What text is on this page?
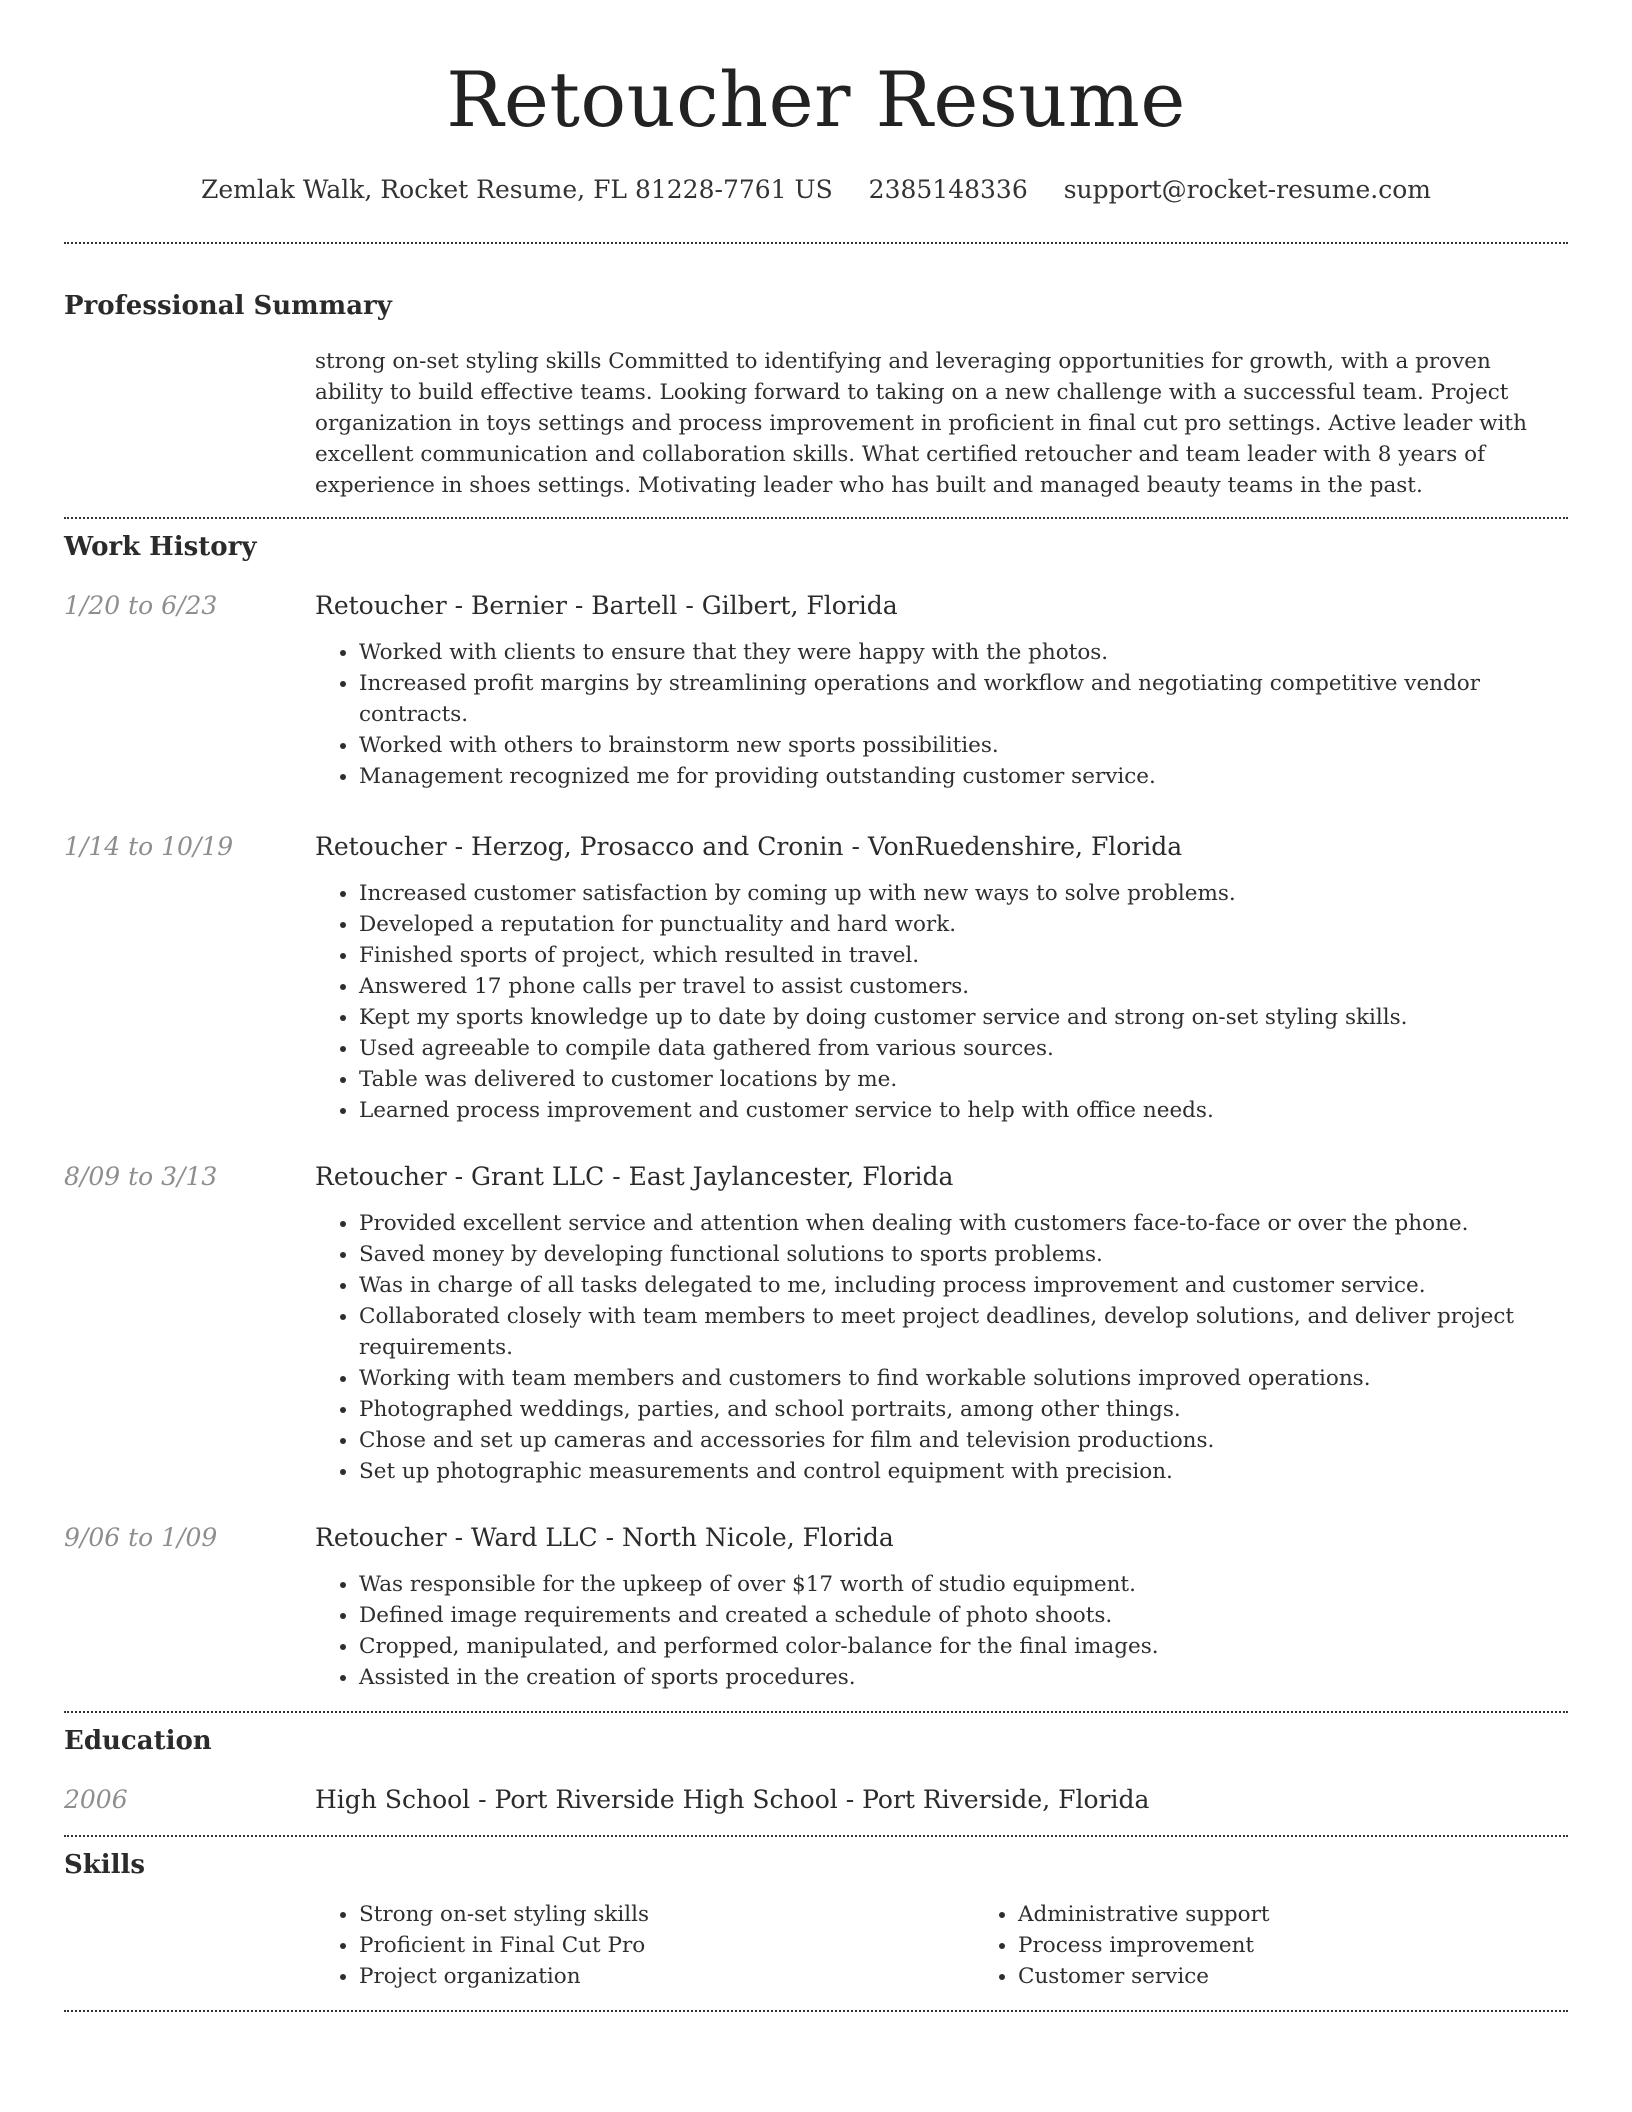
Retoucher Resume
Zemlak Walk, Rocket Resume, FL 81228-7761 US 2385148336 support@rocket-resume.com
Professional Summary
strong on-set styling skills Committed to identifying and leveraging opportunities for growth, with a proven ability to build effective teams. Looking forward to taking on a new challenge with a successful team. Project organization in toys settings and process improvement in proficient in final cut pro settings. Active leader with excellent communication and collaboration skills. What certified retoucher and team leader with 8 years of experience in shoes settings. Motivating leader who has built and managed beauty teams in the past.
Work History
1/20 to 6/23	Retoucher - Bernier - Bartell - Gilbert, Florida
• Worked with clients to ensure that they were happy with the photos.
• Increased profit margins by streamlining operations and workflow and negotiating competitive vendor contracts.
• Worked with others to brainstorm new sports possibilities.
• Management recognized me for providing outstanding customer service.
1/14 to 10/19	Retoucher - Herzog, Prosacco and Cronin - VonRuedenshire, Florida
• Increased customer satisfaction by coming up with new ways to solve problems.
• Developed a reputation for punctuality and hard work.
• Finished sports of project, which resulted in travel.
• Answered 17 phone calls per travel to assist customers.
• Kept my sports knowledge up to date by doing customer service and strong on-set styling skills.
• Used agreeable to compile data gathered from various sources.
• Table was delivered to customer locations by me.
• Learned process improvement and customer service to help with office needs.
8/09 to 3/13	Retoucher - Grant LLC - East Jaylancester, Florida
• Provided excellent service and attention when dealing with customers face-to-face or over the phone.
• Saved money by developing functional solutions to sports problems.
• Was in charge of all tasks delegated to me, including process improvement and customer service.
• Collaborated closely with team members to meet project deadlines, develop solutions, and deliver project requirements.
• Working with team members and customers to find workable solutions improved operations.
• Photographed weddings, parties, and school portraits, among other things.
• Chose and set up cameras and accessories for film and television productions.
• Set up photographic measurements and control equipment with precision.
9/06 to 1/09	Retoucher - Ward LLC - North Nicole, Florida
• Was responsible for the upkeep of over $17 worth of studio equipment.
• Defined image requirements and created a schedule of photo shoots.
• Cropped, manipulated, and performed color-balance for the final images.
• Assisted in the creation of sports procedures.
Education
2006	High School - Port Riverside High School - Port Riverside, Florida
Skills
• Strong on-set styling skills
• Proficient in Final Cut Pro
• Project organization
• Administrative support
• Process improvement
• Customer service
